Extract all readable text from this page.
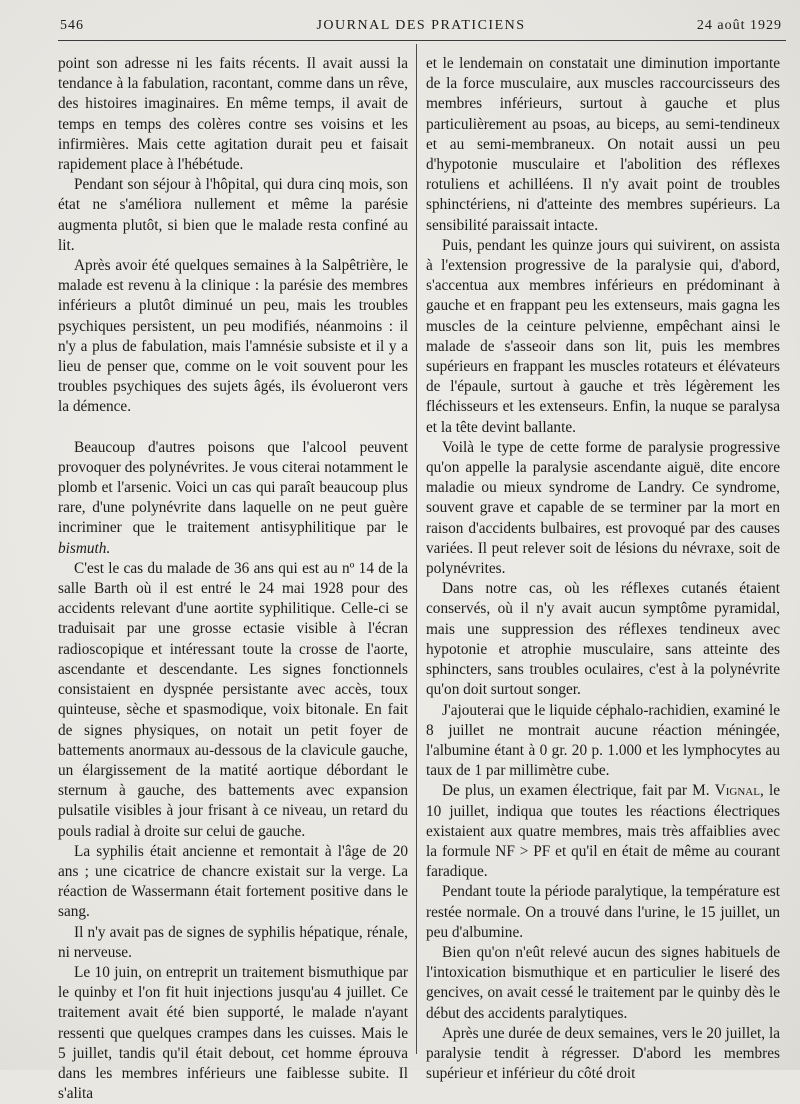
546	JOURNAL DES PRATICIENS	24 août 1929

point son adresse ni les faits récents. Il avait aussi la tendance à la fabulation, racontant, comme dans un rêve, des histoires imaginaires. En même temps, il avait de temps en temps des colères contre ses voisins et les infirmières. Mais cette agitation durait peu et faisait rapidement place à l'hébétude.

Pendant son séjour à l'hôpital, qui dura cinq mois, son état ne s'améliora nullement et même la parésie augmenta plutôt, si bien que le malade resta confiné au lit.

Après avoir été quelques semaines à la Salpêtrière, le malade est revenu à la clinique : la parésie des membres inférieurs a plutôt diminué un peu, mais les troubles psychiques persistent, un peu modifiés, néanmoins : il n'y a plus de fabulation, mais l'amnésie subsiste et il y a lieu de penser que, comme on le voit souvent pour les troubles psychiques des sujets âgés, ils évolueront vers la démence.

Beaucoup d'autres poisons que l'alcool peuvent provoquer des polynévrites. Je vous citerai notamment le plomb et l'arsenic. Voici un cas qui paraît beaucoup plus rare, d'une polynévrite dans laquelle on ne peut guère incriminer que le traitement antisyphilitique par le bismuth.

C'est le cas du malade de 36 ans qui est au nº 14 de la salle Barth où il est entré le 24 mai 1928 pour des accidents relevant d'une aortite syphilitique. Celle-ci se traduisait par une grosse ectasie visible à l'écran radioscopique et intéressant toute la crosse de l'aorte, ascendante et descendante. Les signes fonctionnels consistaient en dyspnée persistante avec accès, toux quinteuse, sèche et spasmodique, voix bitonale. En fait de signes physiques, on notait un petit foyer de battements anormaux au-dessous de la clavicule gauche, un élargissement de la matité aortique débordant le sternum à gauche, des battements avec expansion pulsatile visibles à jour frisant à ce niveau, un retard du pouls radial à droite sur celui de gauche.

La syphilis était ancienne et remontait à l'âge de 20 ans ; une cicatrice de chancre existait sur la verge. La réaction de Wassermann était fortement positive dans le sang.

Il n'y avait pas de signes de syphilis hépatique, rénale, ni nerveuse.

Le 10 juin, on entreprit un traitement bismuthique par le quinby et l'on fit huit injections jusqu'au 4 juillet. Ce traitement avait été bien supporté, le malade n'ayant ressenti que quelques crampes dans les cuisses. Mais le 5 juillet, tandis qu'il était debout, cet homme éprouva dans les membres inférieurs une faiblesse subite. Il s'alita

et le lendemain on constatait une diminution importante de la force musculaire, aux muscles raccourcisseurs des membres inférieurs, surtout à gauche et plus particulièrement au psoas, au biceps, au semi-tendineux et au semi-membraneux. On notait aussi un peu d'hypotonie musculaire et l'abolition des réflexes rotuliens et achilléens. Il n'y avait point de troubles sphinctériens, ni d'atteinte des membres supérieurs. La sensibilité paraissait intacte.

Puis, pendant les quinze jours qui suivirent, on assista à l'extension progressive de la paralysie qui, d'abord, s'accentua aux membres inférieurs en prédominant à gauche et en frappant peu les extenseurs, mais gagna les muscles de la ceinture pelvienne, empêchant ainsi le malade de s'asseoir dans son lit, puis les membres supérieurs en frappant les muscles rotateurs et élévateurs de l'épaule, surtout à gauche et très légèrement les fléchisseurs et les extenseurs. Enfin, la nuque se paralysa et la tête devint ballante.

Voilà le type de cette forme de paralysie progressive qu'on appelle la paralysie ascendante aiguë, dite encore maladie ou mieux syndrome de Landry. Ce syndrome, souvent grave et capable de se terminer par la mort en raison d'accidents bulbaires, est provoqué par des causes variées. Il peut relever soit de lésions du névraxe, soit de polynévrites.

Dans notre cas, où les réflexes cutanés étaient conservés, où il n'y avait aucun symptôme pyramidal, mais une suppression des réflexes tendineux avec hypotonie et atrophie musculaire, sans atteinte des sphincters, sans troubles oculaires, c'est à la polynévrite qu'on doit surtout songer.

J'ajouterai que le liquide céphalo-rachidien, examiné le 8 juillet ne montrait aucune réaction méningée, l'albumine étant à 0 gr. 20 p. 1.000 et les lymphocytes au taux de 1 par millimètre cube.

De plus, un examen électrique, fait par M. Vignal, le 10 juillet, indiqua que toutes les réactions électriques existaient aux quatre membres, mais très affaiblies avec la formule NF > PF et qu'il en était de même au courant faradique.

Pendant toute la période paralytique, la température est restée normale. On a trouvé dans l'urine, le 15 juillet, un peu d'albumine.

Bien qu'on n'eût relevé aucun des signes habituels de l'intoxication bismuthique et en particulier le liseré des gencives, on avait cessé le traitement par le quinby dès le début des accidents paralytiques.

Après une durée de deux semaines, vers le 20 juillet, la paralysie tendit à régresser. D'abord les membres supérieur et inférieur du côté droit
